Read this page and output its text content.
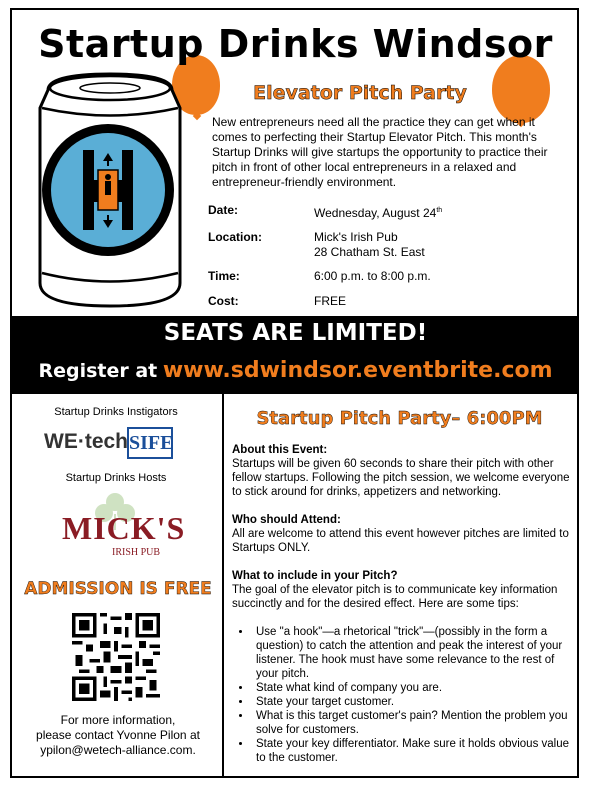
Startup Drinks Windsor
Elevator Pitch Party
New entrepreneurs need all the practice they can get when it comes to perfecting their Startup Elevator Pitch. This month's Startup Drinks will give startups the opportunity to practice their pitch in front of other local entrepreneurs in a relaxed and entrepreneur-friendly environment.
Date:	Wednesday, August 24th
Location:	Mick's Irish Pub
28 Chatham St. East
Time:	6:00 p.m. to 8:00 p.m.
Cost:	FREE
SEATS ARE LIMITED!
Register at www.sdwindsor.eventbrite.com
Startup Drinks Instigators
WE·tech SIFE
Startup Drinks Hosts
MICK'S
IRISH PUB
ADMISSION IS FREE
For more information,
please contact Yvonne Pilon at
ypilon@wetech-alliance.com.
Startup Pitch Party– 6:00PM
About this Event:

Startups will be given 60 seconds to share their pitch with other fellow startups. Following the pitch session, we welcome everyone to stick around for drinks, appetizers and networking.

Who should Attend:

All are welcome to attend this event however pitches are limited to Startups ONLY.

What to include in your Pitch?

The goal of the elevator pitch is to communicate key information succinctly and for the desired effect. Here are some tips:

• Use "a hook"—a rhetorical "trick"—(possibly in the form a question) to catch the attention and peak the interest of your listener. The hook must have some relevance to the rest of your pitch.
• State what kind of company you are.
• State your target customer.
• What is this target customer's pain? Mention the problem you solve for customers.
• State your key differentiator. Make sure it holds obvious value to the customer.
